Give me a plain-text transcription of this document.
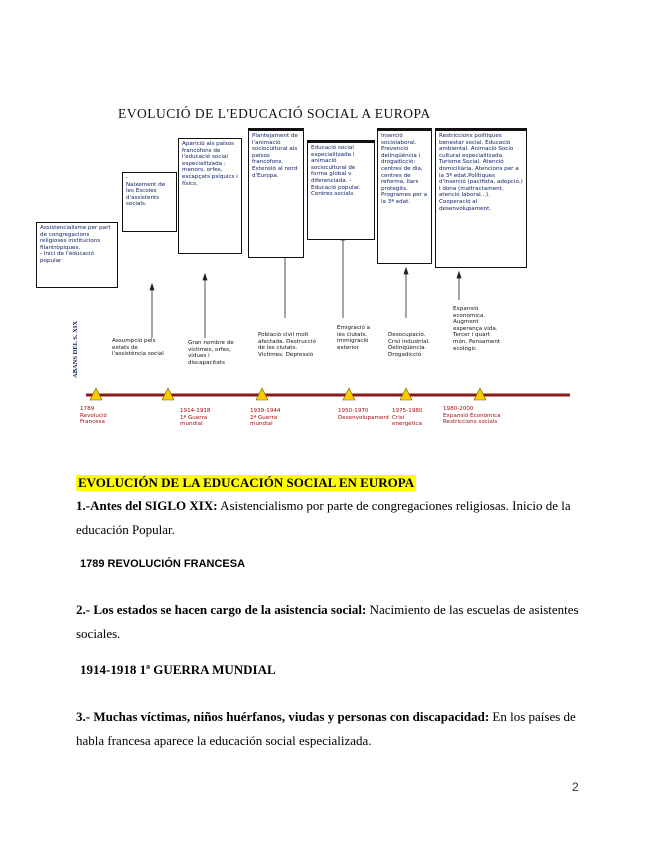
EVOLUCIÓ DE L'EDUCACIÓ SOCIAL A EUROPA
ABANS DEL S. XIX
Assistencialisme per part de congregacions religioses institucions filantròpiques.
- Inici de l'educació popular
-
Naixement de les Escoles d'assistents socials.
Aparició als països francòfons de l'educació social especialitzada : menors, orfes, escapçats psíquics i físics.
Plantejament de l'animació sociocultural als països francòfons. Extensió al nord d'Europa.
Educació social especialitzada i animació sociocultural de forma global v diferenciada. - Educació popular. Centres socials
Inserció sociolaboral. Prevenció delinqüència i drogadicció: centres de dia, centres de reforma, llars protegits. Programes per a la 3ª edat.
Restriccions polítiques benestar social. Educació ambiental. Animació Socio cultural especialitzada. Turisme Social. Atenció domiciliària. Atencions per a la 3ª edat.Polítiques d'inserció (pacifista, adopció.) i dona (maltractament, atenció laboral...). Cooperació al desenvolupament.
Assumpció pels estats de l'assistència social
Gran nombre de víctimes, orfes, vídues i discapacitats
Població civil molt afectada. Destrucció de les ciutats. Víctimes. Depressió
Emigració a les ciutats. Immigració exterior
Desocupació. Crisi industrial. Delinqüència. Drogadicció
Expansió econòmica. Augment esperança vida. Tercer i quart món. Pensament ecològic
1789
Revolució
Francesa
1914-1918
1ª Guerra
mundial
1939-1944
2ª Guerra
mundial
1950-1970
Desenvolupament
1975-1980
Crisi
energètica
1980-2000
Expansió Econòmica
Restriccions socials
EVOLUCIÓN DE LA EDUCACIÓN SOCIAL EN EUROPA
1.-Antes del SIGLO XIX: Asistencialismo por parte de congregaciones religiosas. Inicio de la educación Popular.
1789 REVOLUCIÓN FRANCESA
2.- Los estados se hacen cargo de la asistencia social: Nacimiento de las escuelas de asistentes sociales.
1914-1918 1ª GUERRA MUNDIAL
3.- Muchas víctimas, niños huérfanos, viudas y personas con discapacidad: En los países de habla francesa aparece la educación social especializada.
2
